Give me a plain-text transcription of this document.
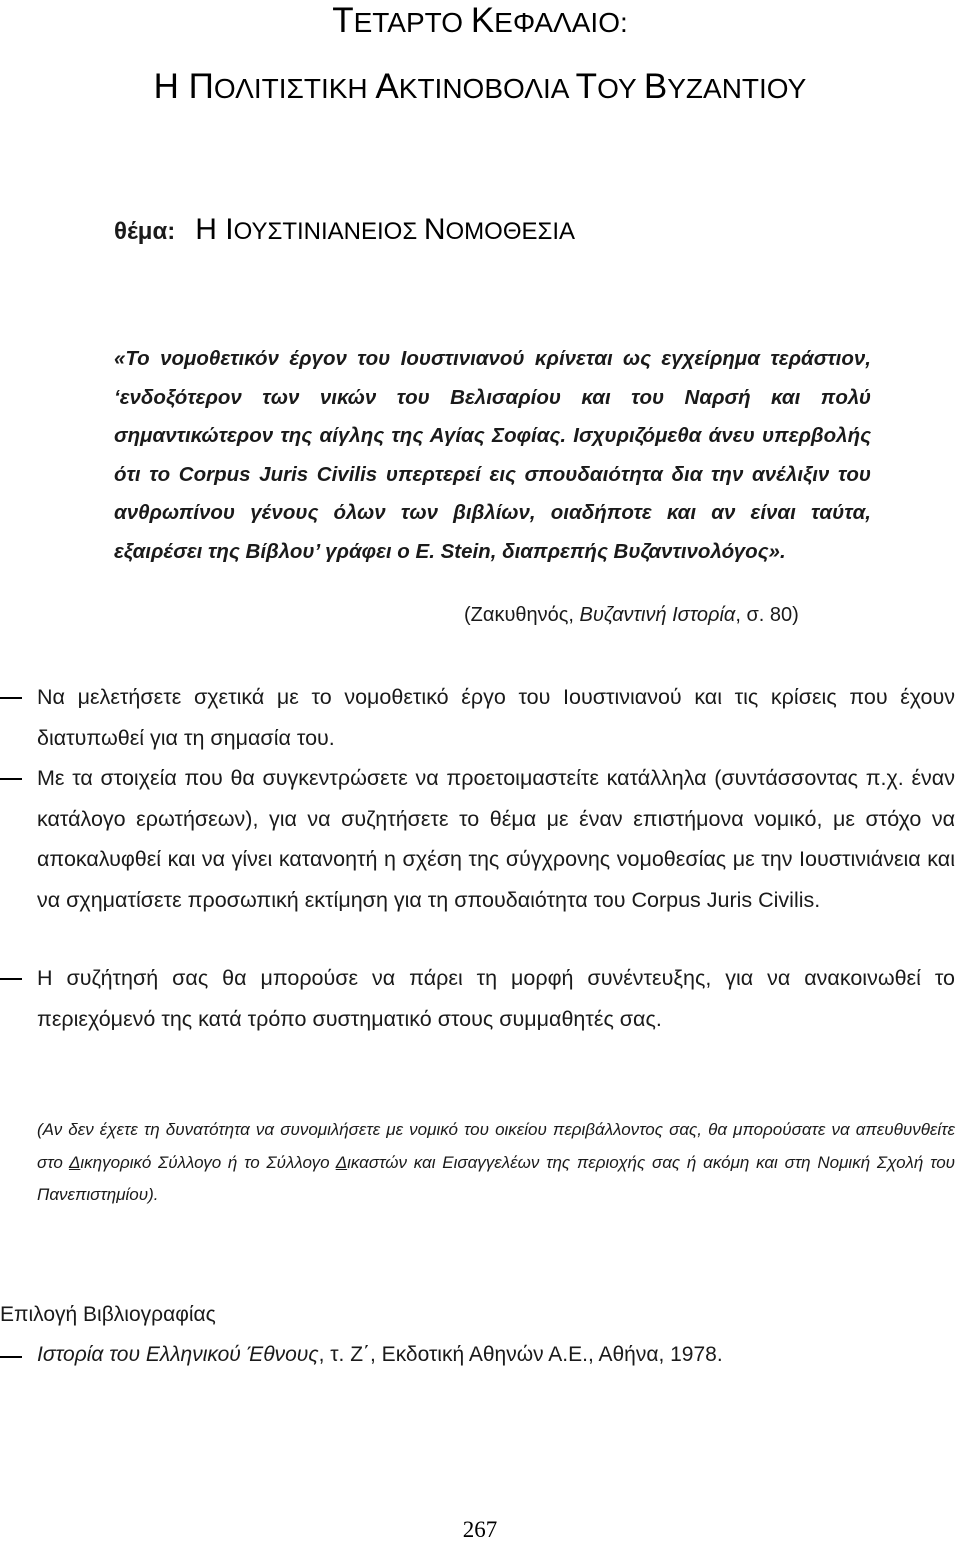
ΤΕΤΑΡΤΟ ΚΕΦΑΛΑΙΟ:
Η ΠΟΛΙΤΙΣΤΙΚΗ ΑΚΤΙΝΟΒΟΛΙΑ ΤΟΥ ΒΥΖΑΝΤΙΟΥ
θέμα: Η ΙΟΥΣΤΙΝΙΑΝΕΙΟΣ ΝΟΜΟΘΕΣΙΑ
«Το νομοθετικόν έργον του Ιουστινιανού κρίνεται ως εγχείρημα τεράστιον, ‘ενδοξότερον των νικών του Βελισαρίου και του Ναρσή και πολύ σημαντικώτερον της αίγλης της Αγίας Σοφίας. Ισχυριζόμεθα άνευ υπερβολής ότι το Corpus Juris Civilis υπερτερεί εις σπουδαιότητα δια την ανέλιξιν του ανθρωπίνου γένους όλων των βιβλίων, οιαδήποτε και αν είναι ταύτα, εξαιρέσει της Βίβλου’ γράφει ο E. Stein, διαπρεπής Βυζαντινολόγος».
(Ζακυθηνός, Βυζαντινή Ιστορία, σ. 80)
Να μελετήσετε σχετικά με το νομοθετικό έργο του Ιουστινιανού και τις κρίσεις που έχουν διατυπωθεί για τη σημασία του.
Με τα στοιχεία που θα συγκεντρώσετε να προετοιμαστείτε κατάλληλα (συντάσσοντας π.χ. έναν κατάλογο ερωτήσεων), για να συζητήσετε το θέμα με έναν επιστήμονα νομικό, με στόχο να αποκαλυφθεί και να γίνει κατανοητή η σχέση της σύγχρονης νομοθεσίας με την Ιουστινιάνεια και να σχηματίσετε προσωπική εκτίμηση για τη σπουδαιότητα του Corpus Juris Civilis.
Η συζήτησή σας θα μπορούσε να πάρει τη μορφή συνέντευξης, για να ανακοινωθεί το περιεχόμενό της κατά τρόπο συστηματικό στους συμμαθητές σας.
(Αν δεν έχετε τη δυνατότητα να συνομιλήσετε με νομικό του οικείου περιβάλλοντος σας, θα μπορούσατε να απευθυνθείτε στο Δικηγορικό Σύλλογο ή το Σύλλογο Δικαστών και Εισαγγελέων της περιοχής σας ή ακόμη και στη Νομική Σχολή του Πανεπιστημίου).
Επιλογή Βιβλιογραφίας
Ιστορία του Ελληνικού Έθνους, τ. Ζ΄, Εκδοτική Αθηνών Α.Ε., Αθήνα, 1978.
267
